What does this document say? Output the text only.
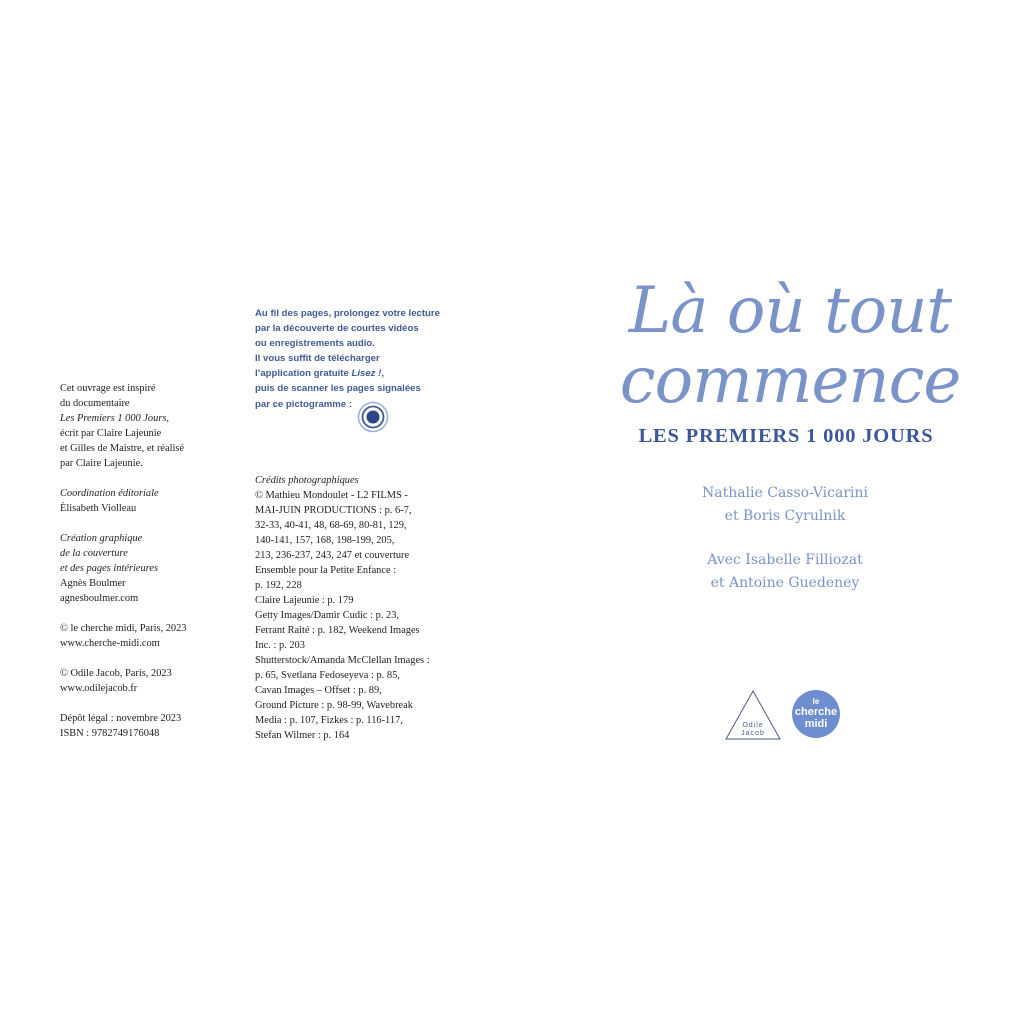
Cet ouvrage est inspiré
du documentaire
Les Premiers 1 000 Jours,
écrit par Claire Lajeunie
et Gilles de Maistre, et réalisé
par Claire Lajeunie.
Coordination éditoriale
Élisabeth Violleau
Création graphique
de la couverture
et des pages intérieures
Agnès Boulmer
agnesboulmer.com
© le cherche midi, Paris, 2023
www.cherche-midi.com
© Odile Jacob, Paris, 2023
www.odilejacob.fr
Dépôt légal : novembre 2023
ISBN : 9782749176048
Au fil des pages, prolongez votre lecture
par la découverte de courtes vidéos
ou enregistrements audio.
Il vous suffit de télécharger
l’application gratuite Lisez !,
puis de scanner les pages signalées
par ce pictogramme :
Crédits photographiques
© Mathieu Mondoulet - L2 FILMS -
MAI-JUIN PRODUCTIONS : p. 6-7,
32-33, 40-41, 48, 68-69, 80-81, 129,
140-141, 157, 168, 198-199, 205,
213, 236-237, 243, 247 et couverture
Ensemble pour la Petite Enfance :
p. 192, 228
Claire Lajeunie : p. 179
Getty Images/Damir Cudic : p. 23,
Ferrant Raité : p. 182, Weekend Images
Inc. : p. 203
Shutterstock/Amanda McClellan Images :
p. 65, Svetlana Fedoseyeva : p. 85,
Cavan Images – Offset : p. 89,
Ground Picture : p. 98-99, Wavebreak
Media : p. 107, Fizkes : p. 116-117,
Stefan Wilmer : p. 164
Là où tout
commence
LES PREMIERS 1 000 JOURS
Nathalie Casso-Vicarini
et Boris Cyrulnik
Avec Isabelle Filliozat
et Antoine Guedeney
Odile
Jacob
le
cherche
midi
